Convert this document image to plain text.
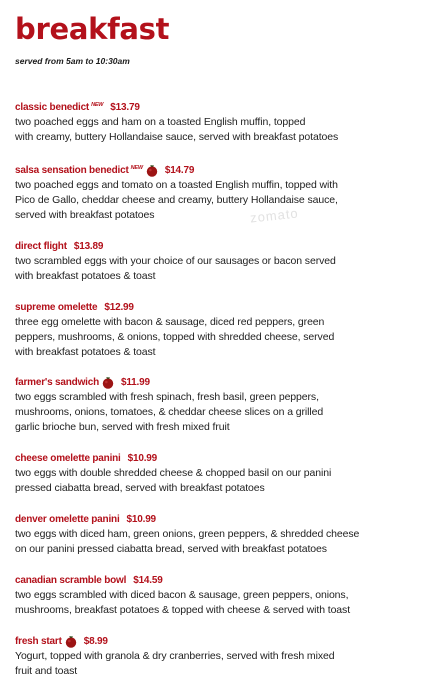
breakfast
served from 5am to 10:30am
zomato
classic benedict NEW $13.79
two poached eggs and ham on a toasted English muffin, topped
with creamy, buttery Hollandaise sauce, served with breakfast potatoes
salsa sensation benedict NEW $14.79
two poached eggs and tomato on a toasted English muffin, topped with
Pico de Gallo, cheddar cheese and creamy, buttery Hollandaise sauce,
served with breakfast potatoes
direct flight $13.89
two scrambled eggs with your choice of our sausages or bacon served
with breakfast potatoes & toast
supreme omelette $12.99
three egg omelette with bacon & sausage, diced red peppers, green
peppers, mushrooms, & onions, topped with shredded cheese, served
with breakfast potatoes & toast
farmer's sandwich $11.99
two eggs scrambled with fresh spinach, fresh basil, green peppers,
mushrooms, onions, tomatoes, & cheddar cheese slices on a grilled
garlic brioche bun, served with fresh mixed fruit
cheese omelette panini $10.99
two eggs with double shredded cheese & chopped basil on our panini
pressed ciabatta bread, served with breakfast potatoes
denver omelette panini $10.99
two eggs with diced ham, green onions, green peppers, & shredded cheese
on our panini pressed ciabatta bread, served with breakfast potatoes
canadian scramble bowl $14.59
two eggs scrambled with diced bacon & sausage, green peppers, onions,
mushrooms, breakfast potatoes & topped with cheese & served with toast
fresh start $8.99
Yogurt, topped with granola & dry cranberries, served with fresh mixed
fruit and toast
